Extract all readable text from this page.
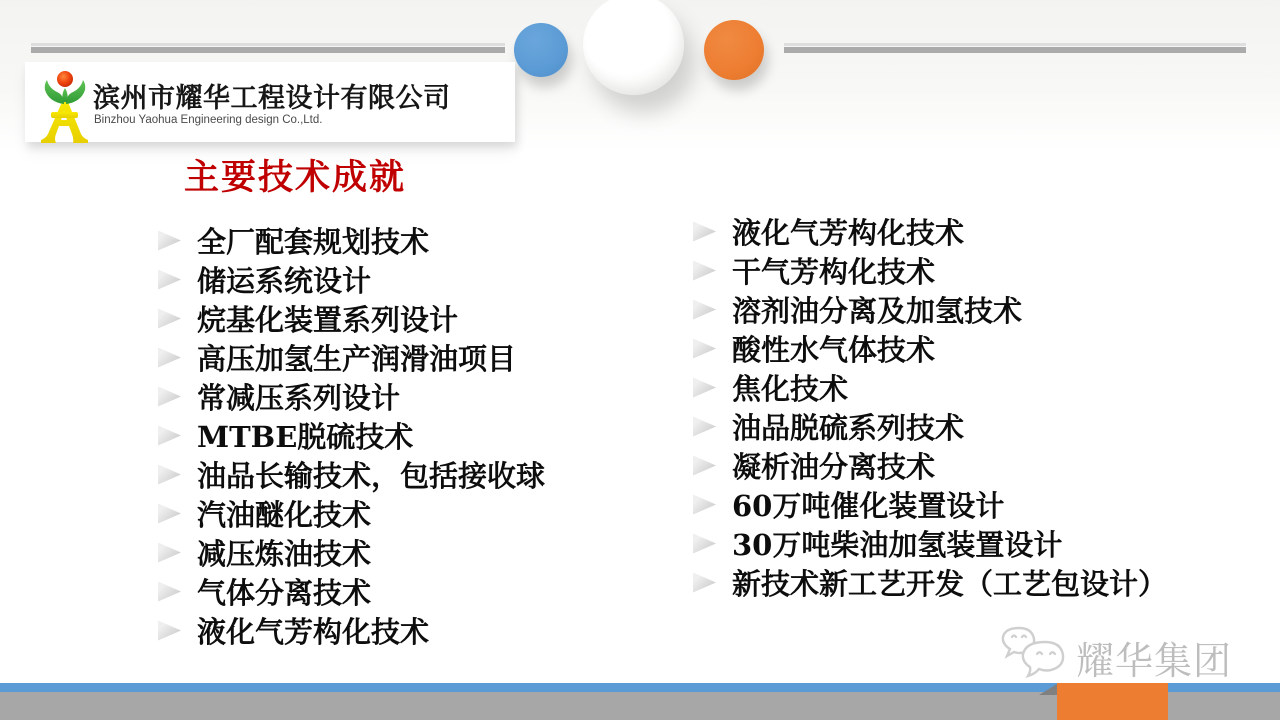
滨州市耀华工程设计有限公司
Binzhou Yaohua Engineering design Co.,Ltd.
主要技术成就
全厂配套规划技术
储运系统设计
烷基化装置系列设计
高压加氢生产润滑油项目
常减压系列设计
MTBE脱硫技术
油品长输技术，包括接收球
汽油醚化技术
减压炼油技术
气体分离技术
液化气芳构化技术
液化气芳构化技术
干气芳构化技术
溶剂油分离及加氢技术
酸性水气体技术
焦化技术
油品脱硫系列技术
凝析油分离技术
60万吨催化装置设计
30万吨柴油加氢装置设计
新技术新工艺开发（工艺包设计）
耀华集团
